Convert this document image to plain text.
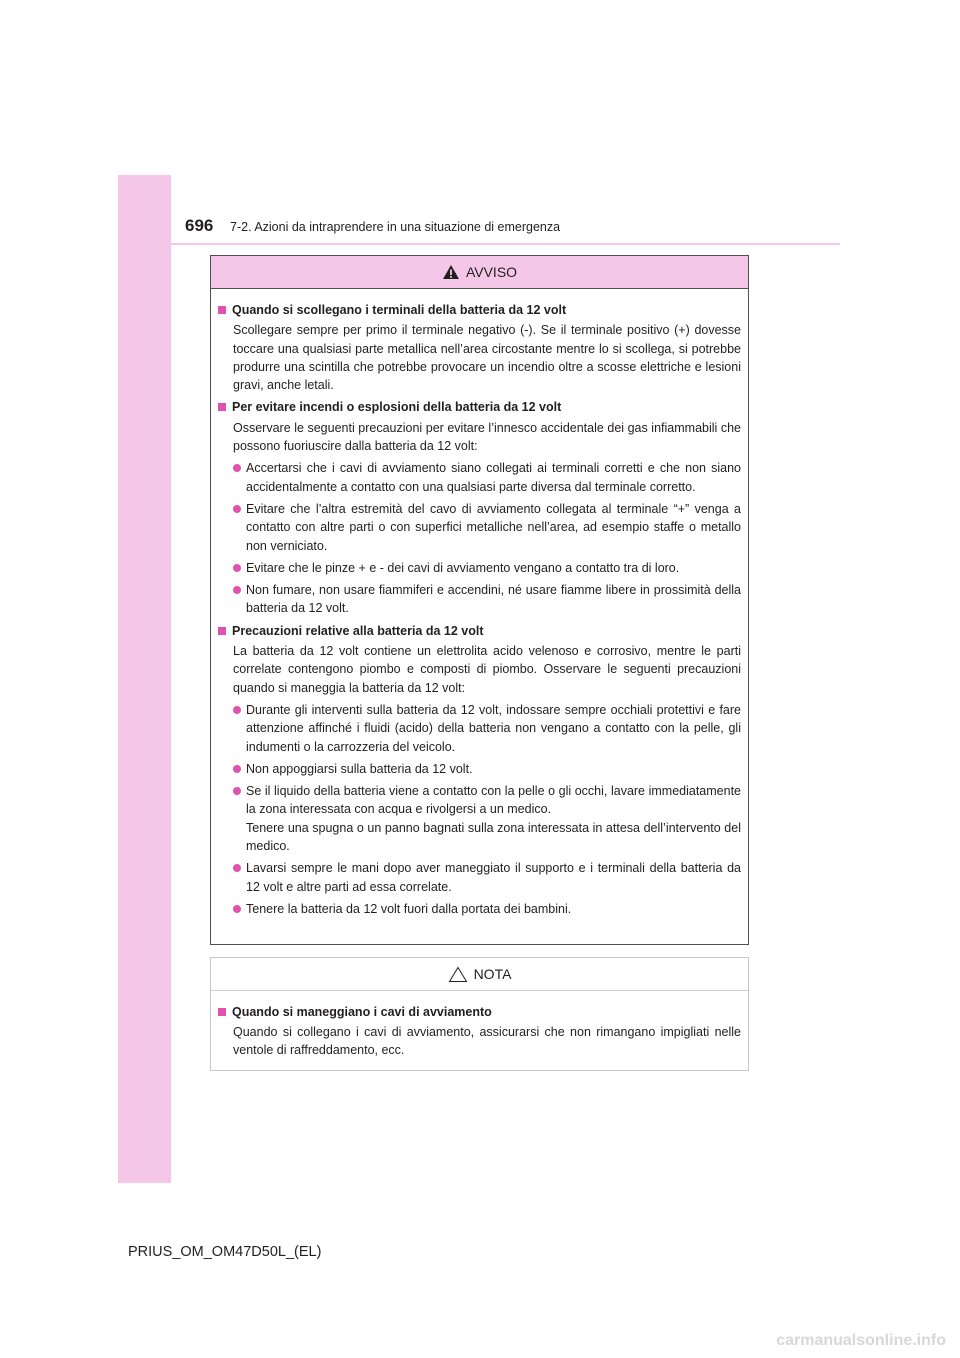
696 7-2. Azioni da intraprendere in una situazione di emergenza
AVVISO
Quando si scollegano i terminali della batteria da 12 volt
Scollegare sempre per primo il terminale negativo (-). Se il terminale positivo (+) dovesse toccare una qualsiasi parte metallica nell’area circostante mentre lo si scollega, si potrebbe produrre una scintilla che potrebbe provocare un incendio oltre a scosse elettriche e lesioni gravi, anche letali.
Per evitare incendi o esplosioni della batteria da 12 volt
Osservare le seguenti precauzioni per evitare l’innesco accidentale dei gas infiammabili che possono fuoriuscire dalla batteria da 12 volt:
Accertarsi che i cavi di avviamento siano collegati ai terminali corretti e che non siano accidentalmente a contatto con una qualsiasi parte diversa dal terminale corretto.
Evitare che l’altra estremità del cavo di avviamento collegata al terminale “+” venga a contatto con altre parti o con superfici metalliche nell’area, ad esempio staffe o metallo non verniciato.
Evitare che le pinze + e - dei cavi di avviamento vengano a contatto tra di loro.
Non fumare, non usare fiammiferi e accendini, né usare fiamme libere in prossimità della batteria da 12 volt.
Precauzioni relative alla batteria da 12 volt
La batteria da 12 volt contiene un elettrolita acido velenoso e corrosivo, mentre le parti correlate contengono piombo e composti di piombo. Osservare le seguenti precauzioni quando si maneggia la batteria da 12 volt:
Durante gli interventi sulla batteria da 12 volt, indossare sempre occhiali protettivi e fare attenzione affinché i fluidi (acido) della batteria non vengano a contatto con la pelle, gli indumenti o la carrozzeria del veicolo.
Non appoggiarsi sulla batteria da 12 volt.
Se il liquido della batteria viene a contatto con la pelle o gli occhi, lavare immediatamente la zona interessata con acqua e rivolgersi a un medico.
Tenere una spugna o un panno bagnati sulla zona interessata in attesa dell’intervento del medico.
Lavarsi sempre le mani dopo aver maneggiato il supporto e i terminali della batteria da 12 volt e altre parti ad essa correlate.
Tenere la batteria da 12 volt fuori dalla portata dei bambini.
NOTA
Quando si maneggiano i cavi di avviamento
Quando si collegano i cavi di avviamento, assicurarsi che non rimangano impigliati nelle ventole di raffreddamento, ecc.
PRIUS_OM_OM47D50L_(EL)
carmanualsonline.info
